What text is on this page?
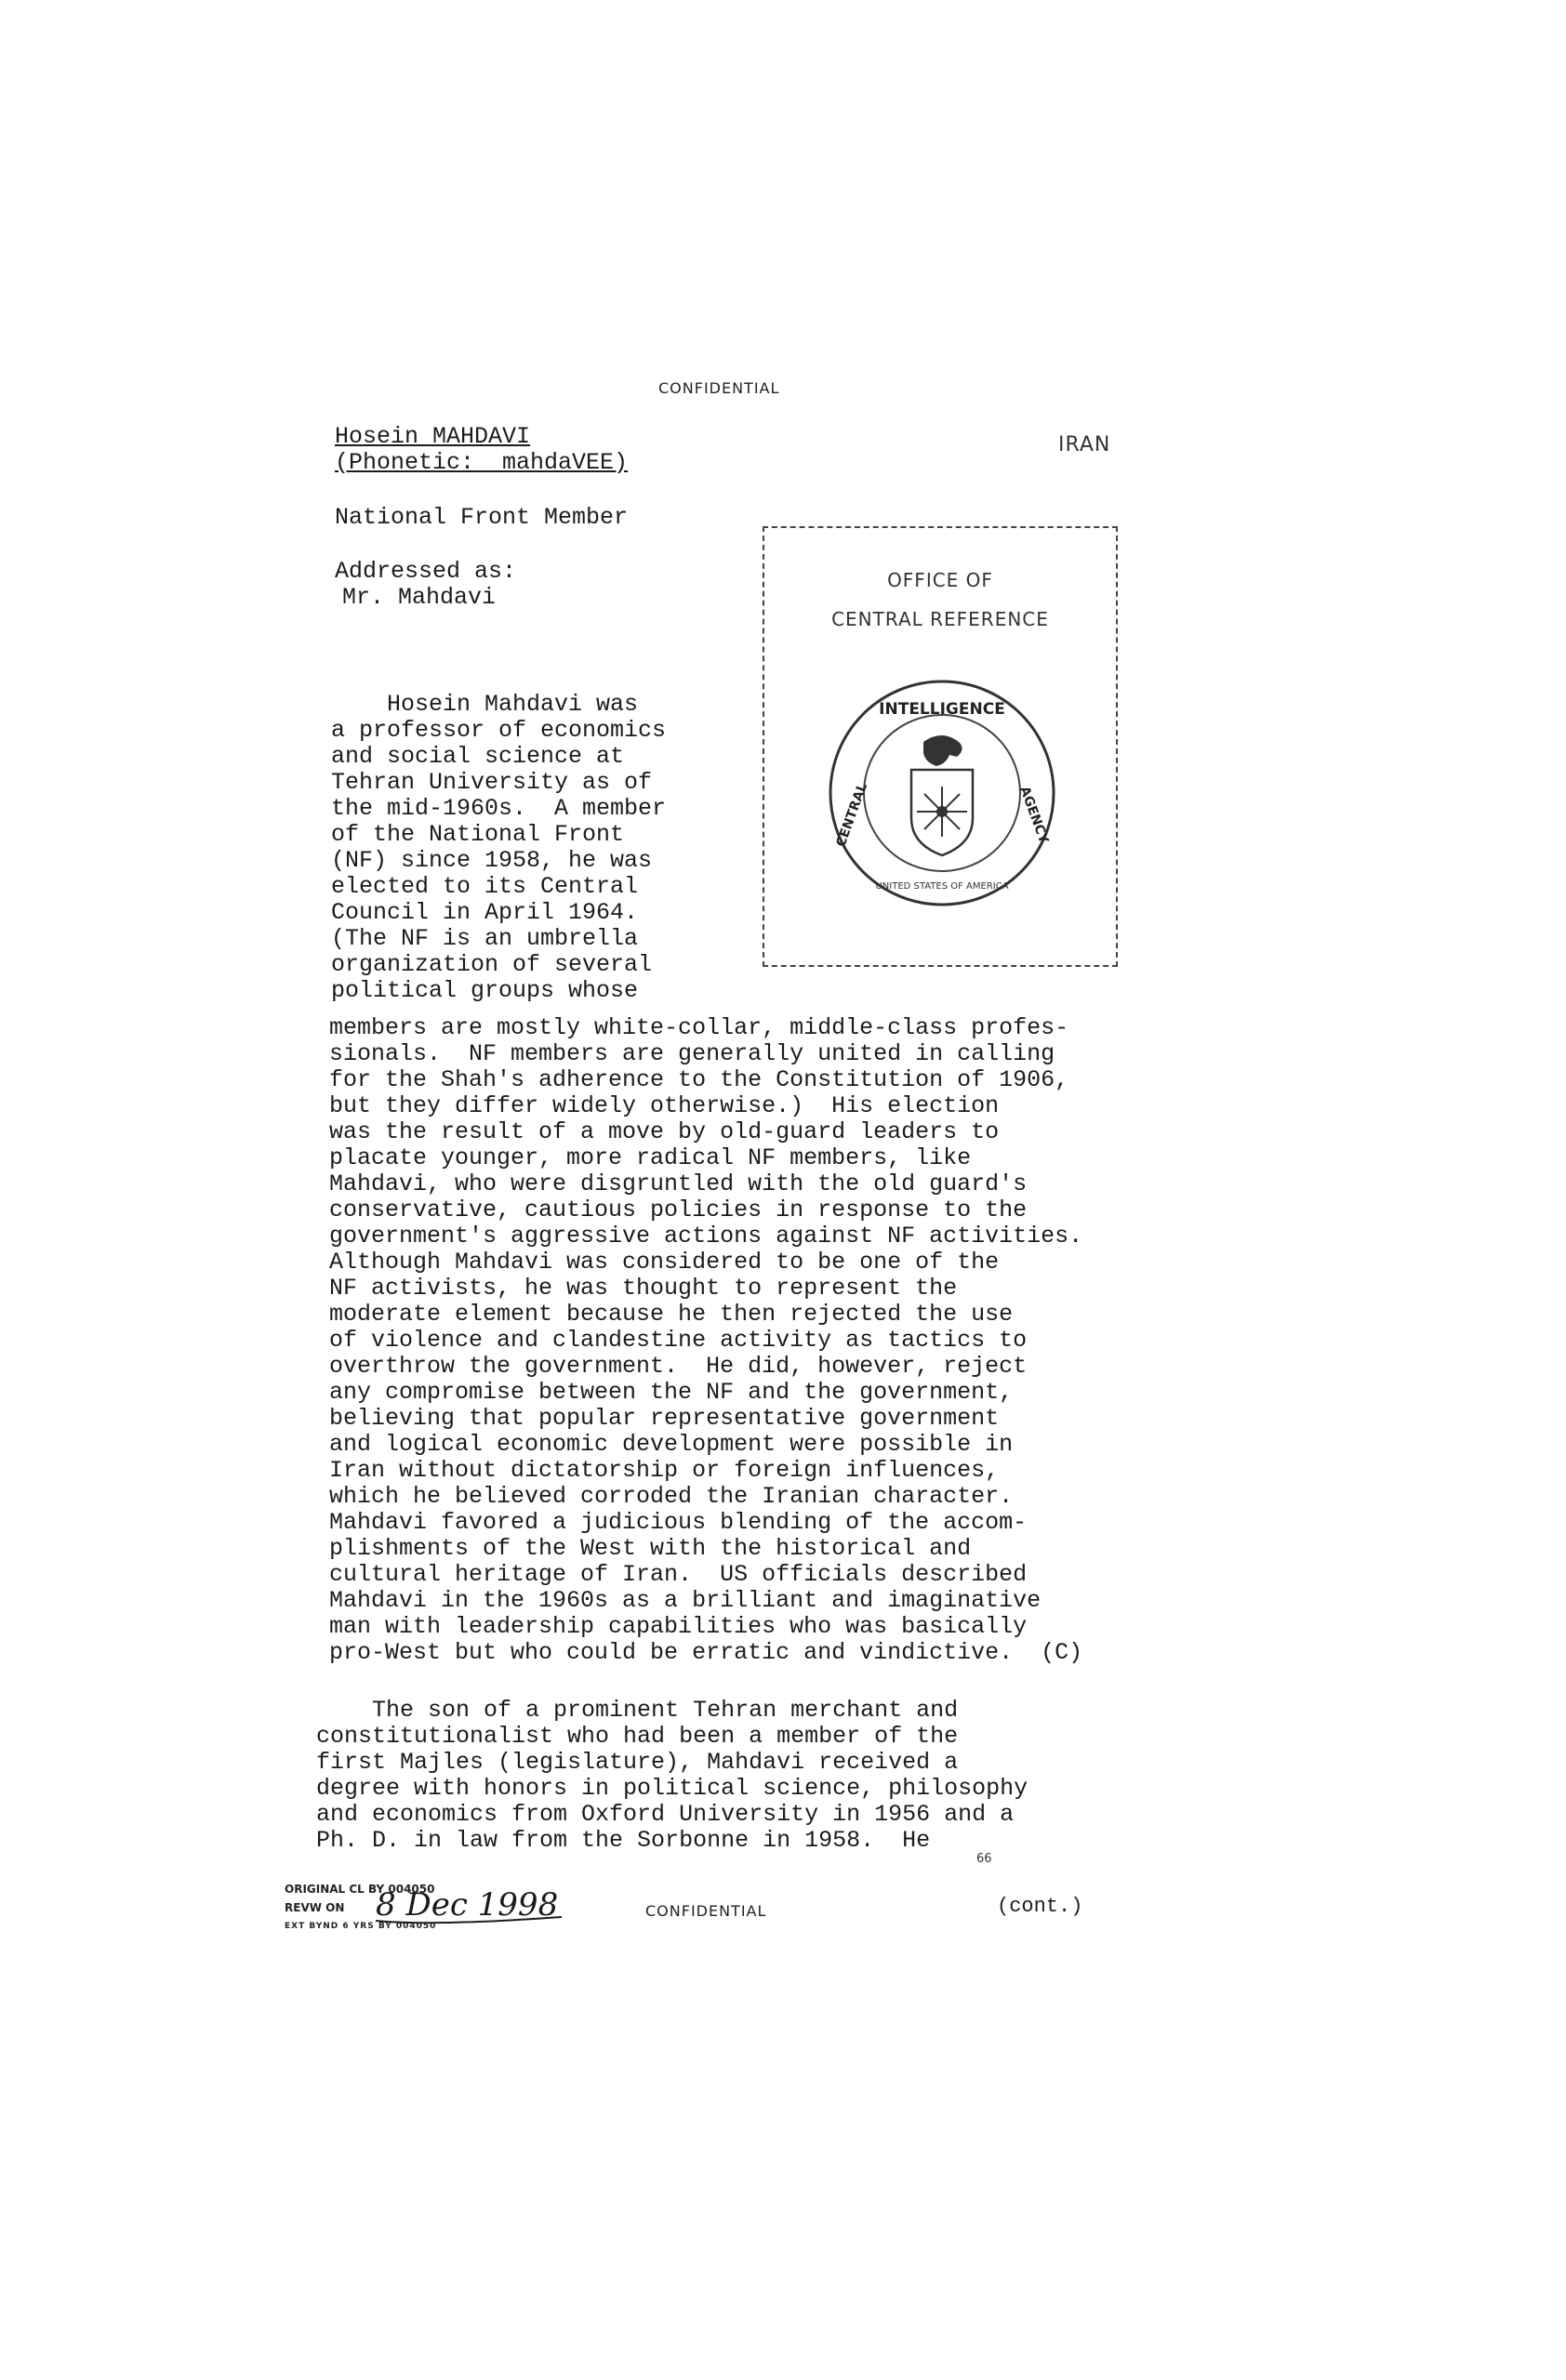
CONFIDENTIAL
Hosein MAHDAVI
(Phonetic:  mahdaVEE)
IRAN
National Front Member
Addressed as:
Mr. Mahdavi
OFFICE OF
CENTRAL REFERENCE
INTELLIGENCE
CENTRAL	AGENCY
UNITED STATES OF AMERICA
Hosein Mahdavi was
a professor of economics
and social science at
Tehran University as of
the mid-1960s.  A member
of the National Front
(NF) since 1958, he was
elected to its Central
Council in April 1964.
(The NF is an umbrella
organization of several
political groups whose
members are mostly white-collar, middle-class profes-
sionals.  NF members are generally united in calling
for the Shah's adherence to the Constitution of 1906,
but they differ widely otherwise.)  His election
was the result of a move by old-guard leaders to
placate younger, more radical NF members, like
Mahdavi, who were disgruntled with the old guard's
conservative, cautious policies in response to the
government's aggressive actions against NF activities.
Although Mahdavi was considered to be one of the
NF activists, he was thought to represent the
moderate element because he then rejected the use
of violence and clandestine activity as tactics to
overthrow the government.  He did, however, reject
any compromise between the NF and the government,
believing that popular representative government
and logical economic development were possible in
Iran without dictatorship or foreign influences,
which he believed corroded the Iranian character.
Mahdavi favored a judicious blending of the accom-
plishments of the West with the historical and
cultural heritage of Iran.  US officials described
Mahdavi in the 1960s as a brilliant and imaginative
man with leadership capabilities who was basically
pro-West but who could be erratic and vindictive.  (C)
The son of a prominent Tehran merchant and
constitutionalist who had been a member of the
first Majles (legislature), Mahdavi received a
degree with honors in political science, philosophy
and economics from Oxford University in 1956 and a
Ph. D. in law from the Sorbonne in 1958.  He
66
ORIGINAL CL BY 004050
REVW ON
EXT BYND 6 YRS BY 004050
8 Dec 1998	CONFIDENTIAL	(cont.)
